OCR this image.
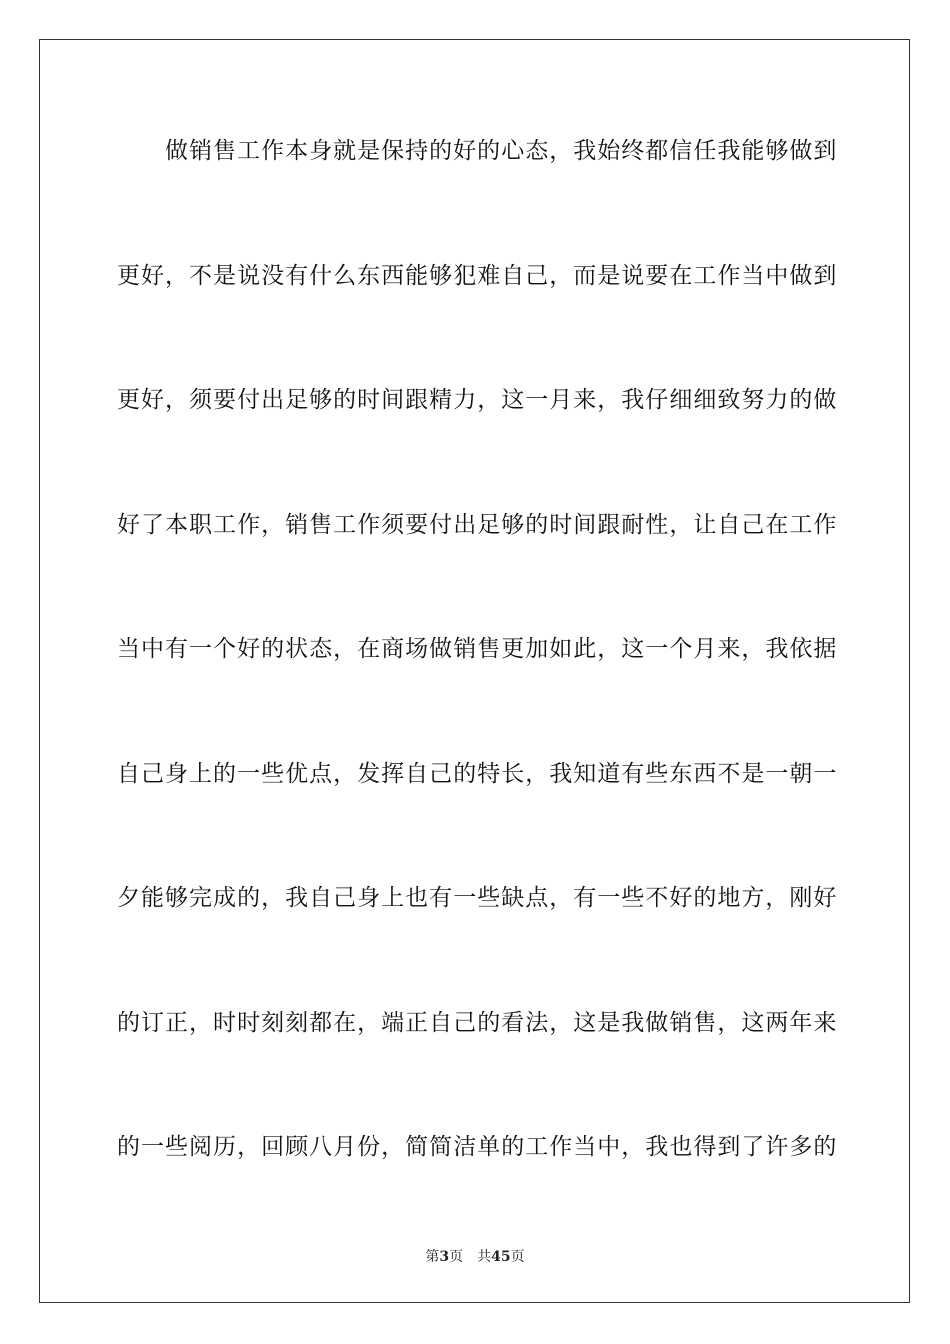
做销售工作本身就是保持的好的心态，我始终都信任我能够做到
更好，不是说没有什么东西能够犯难自己，而是说要在工作当中做到
更好，须要付出足够的时间跟精力，这一月来，我仔细细致努力的做
好了本职工作，销售工作须要付出足够的时间跟耐性，让自己在工作
当中有一个好的状态，在商场做销售更加如此，这一个月来，我依据
自己身上的一些优点，发挥自己的特长，我知道有些东西不是一朝一
夕能够完成的，我自己身上也有一些缺点，有一些不好的地方，刚好
的订正，时时刻刻都在，端正自己的看法，这是我做销售，这两年来
的一些阅历，回顾八月份，简简洁单的工作当中，我也得到了许多的
第3页 共45页
